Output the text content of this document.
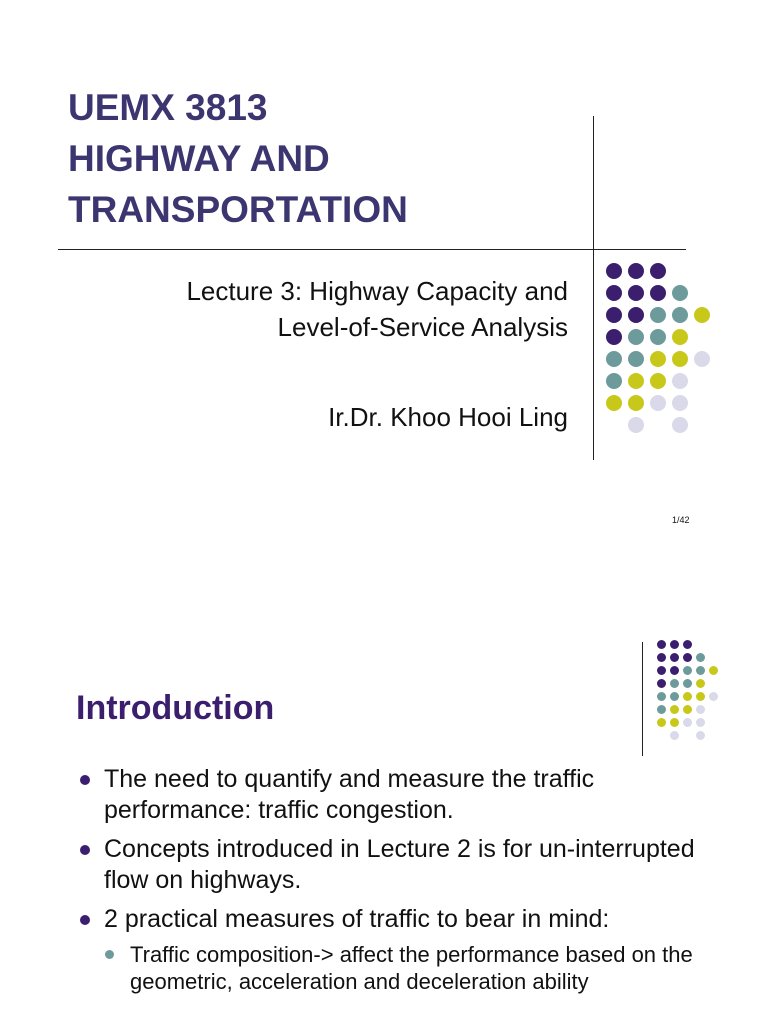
UEMX 3813
HIGHWAY AND
TRANSPORTATION
Lecture 3: Highway Capacity and
Level-of-Service Analysis
Ir.Dr. Khoo Hooi Ling
1/42
Introduction
The need to quantify and measure the traffic performance: traffic congestion.
Concepts introduced in Lecture 2 is for un-interrupted flow on highways.
2 practical measures of traffic to bear in mind:
Traffic composition-> affect the performance based on the geometric, acceleration and deceleration ability
